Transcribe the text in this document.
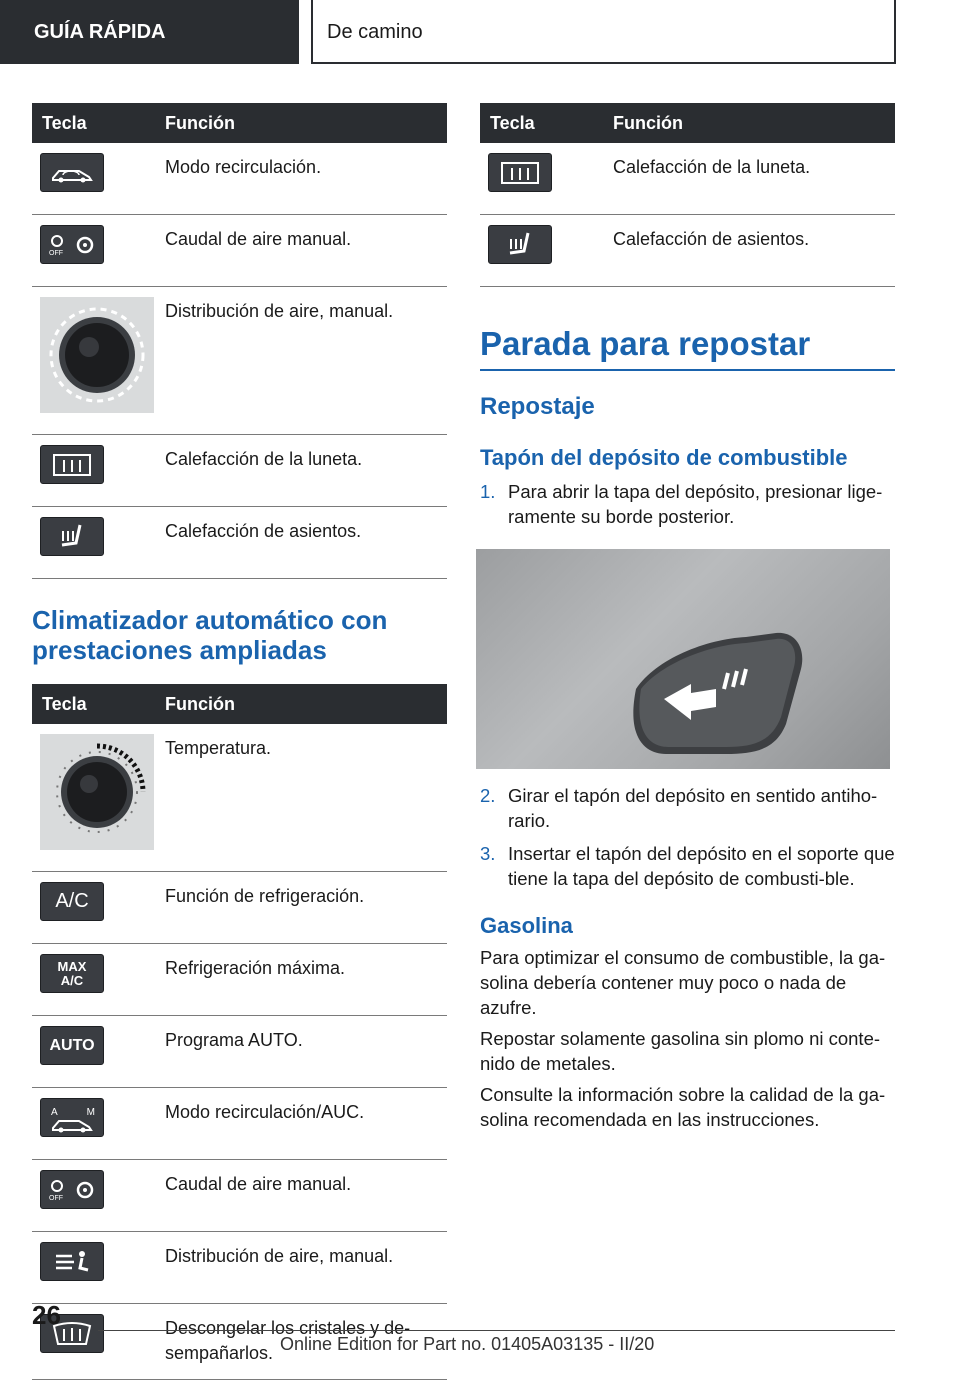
GUÍA RÁPIDA	De camino
Tecla	Función

	Modo recirculación.

OFF	Caudal de aire manual.

	Distribución de aire, manual.

	Calefacción de la luneta.

	Calefacción de asientos.
Climatizador automático con prestaciones ampliadas
Tecla	Función

	Temperatura.

A/C	Función de refrigeración.

MAX
A/C	Refrigeración máxima.

AUTO	Programa AUTO.

A M	Modo recirculación/AUC.

OFF	Caudal de aire manual.

	Distribución de aire, manual.

	Descongelar los cristales y de-sempañarlos.
Tecla	Función

	Calefacción de la luneta.

	Calefacción de asientos.
Parada para repostar
Repostaje
Tapón del depósito de combustible
1. Para abrir la tapa del depósito, presionar lige-ramente su borde posterior.
2. Girar el tapón del depósito en sentido antiho-rario.
3. Insertar el tapón del depósito en el soporte que tiene la tapa del depósito de combusti-ble.
Gasolina

Para optimizar el consumo de combustible, la ga-solina debería contener muy poco o nada de azufre.

Repostar solamente gasolina sin plomo ni conte-nido de metales.

Consulte la información sobre la calidad de la ga-solina recomendada en las instrucciones.

26
Online Edition for Part no. 01405A03135 - II/20
